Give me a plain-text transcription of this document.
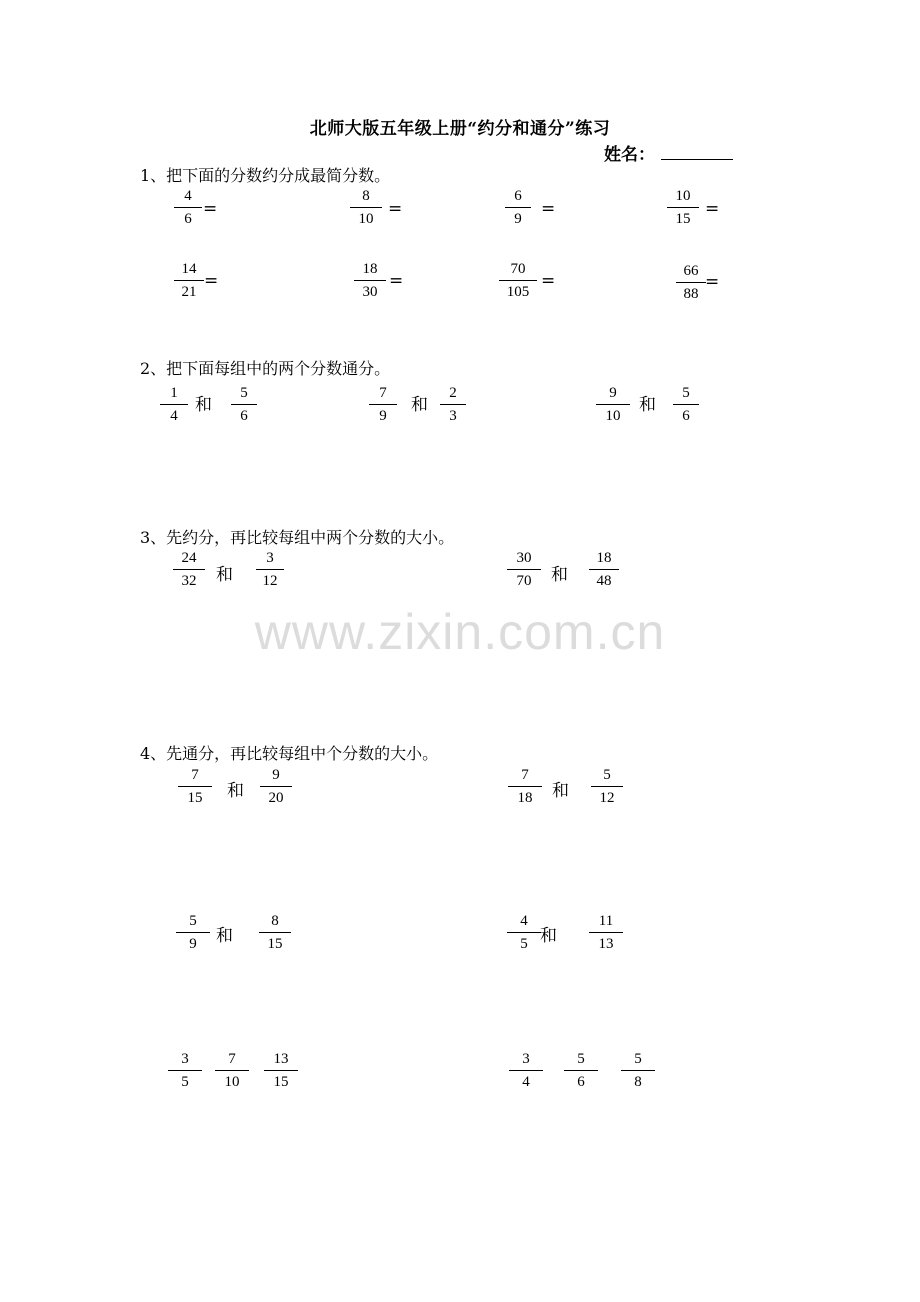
北师大版五年级上册“约分和通分”练习
姓名：
www.zixin.com.cn
1、把下面的分数约分成最简分数。
4
6 =
8
10 =
6
9 =
10
15 =
14
21
=
18
30
=
70
105
=	66
88
=
2、把下面每组中的两个分数通分。
1
4
和
5
6
7
9
和
2
3
9
10
和
5
6
3、先约分，再比较每组中两个分数的大小。
24
32 和
3
12
30
70 和
18
48
4、先通分，再比较每组中个分数的大小。
7
15 和
9
20
7
18 和
5
12
5
9 和
8
15
4
5 和
11
13
3
5
7
10
13
15
3
4
5
6
5
8
